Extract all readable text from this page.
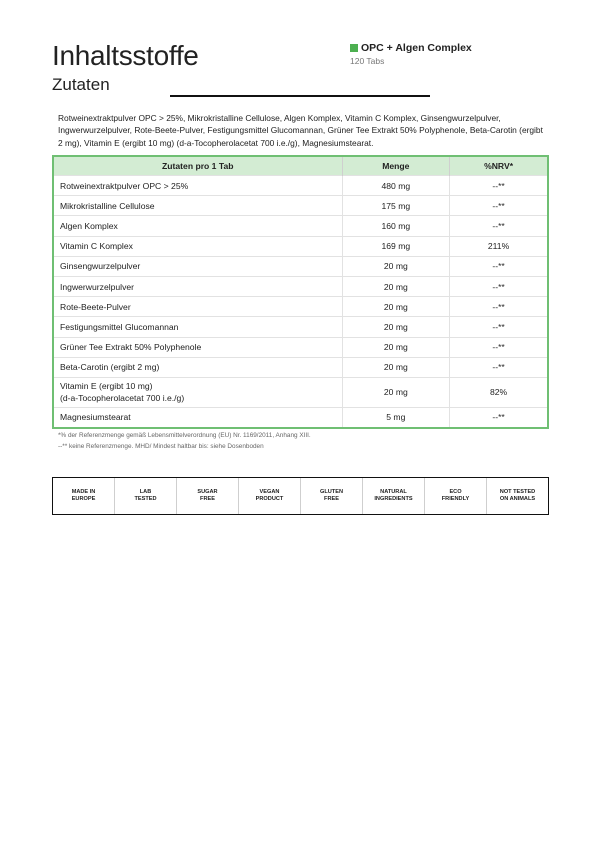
Inhaltsstoffe
Zutaten
OPC + Algen Complex
120 Tabs
Rotweinextraktpulver OPC > 25%, Mikrokristalline Cellulose, Algen Komplex, Vitamin C Komplex, Ginsengwurzelpulver, Ingwerwurzelpulver, Rote-Beete-Pulver, Festigungsmittel Glucomannan, Grüner Tee Extrakt 50% Polyphenole, Beta-Carotin (ergibt 2 mg), Vitamin E (ergibt 10 mg) (d-a-Tocopherolacetat 700 i.e./g), Magnesiumstearat.
Zutaten pro 1 Tab	Menge	%NRV*
Rotweinextraktpulver OPC > 25%	480 mg	--**
Mikrokristalline Cellulose	175 mg	--**
Algen Komplex	160 mg	--**
Vitamin C Komplex	169 mg	211%
Ginsengwurzelpulver	20 mg	--**
Ingwerwurzelpulver	20 mg	--**
Rote-Beete-Pulver	20 mg	--**
Festigungsmittel Glucomannan	20 mg	--**
Grüner Tee Extrakt 50% Polyphenole	20 mg	--**
Beta-Carotin (ergibt 2 mg)	20 mg	--**
Vitamin E (ergibt 10 mg)
(d-a-Tocopherolacetat 700 i.e./g)	20 mg	82%
Magnesiumstearat	5 mg	--**
*% der Referenzmenge gemäß Lebensmittelverordnung (EU) Nr. 1169/2011, Anhang XIII.
--** keine Referenzmenge. MHD/ Mindest haltbar bis: siehe Dosenboden
MADE IN
EUROPE
LAB
TESTED
SUGAR
FREE
VEGAN
PRODUCT
GLUTEN
FREE
NATURAL
INGREDIENTS
ECO
FRIENDLY
NOT TESTED
ON ANIMALS
